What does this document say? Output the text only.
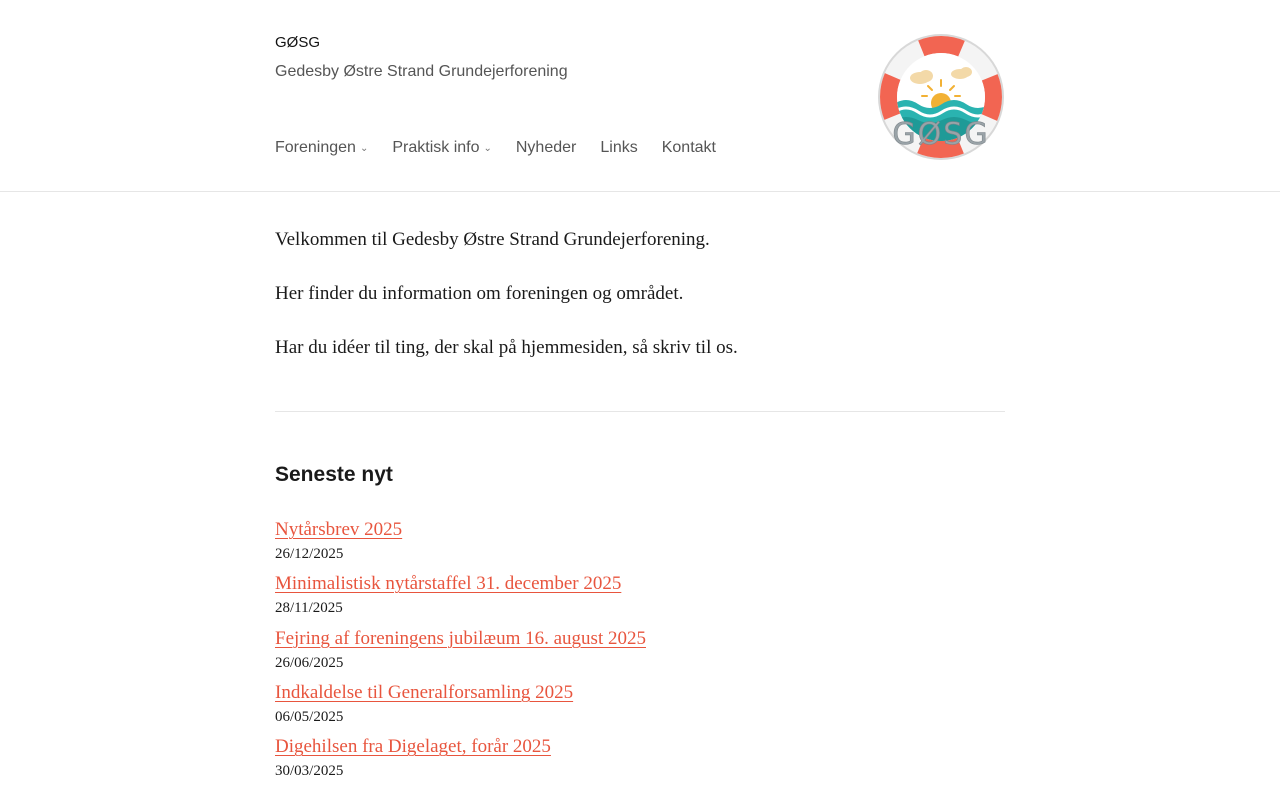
GØSG
Gedesby Østre Strand Grundejerforening
Foreningen ⌄ Praktisk info ⌄ Nyheder Links Kontakt	GØSG

Velkommen til Gedesby Østre Strand Grundejerforening.

Her finder du information om foreningen og området.

Har du idéer til ting, der skal på hjemmesiden, så skriv til os.

Seneste nyt
Nytårsbrev 2025
26/12/2025
Minimalistisk nytårstaffel 31. december 2025
28/11/2025
Fejring af foreningens jubilæum 16. august 2025
26/06/2025
Indkaldelse til Generalforsamling 2025
06/05/2025
Digehilsen fra Digelaget, forår 2025
30/03/2025
